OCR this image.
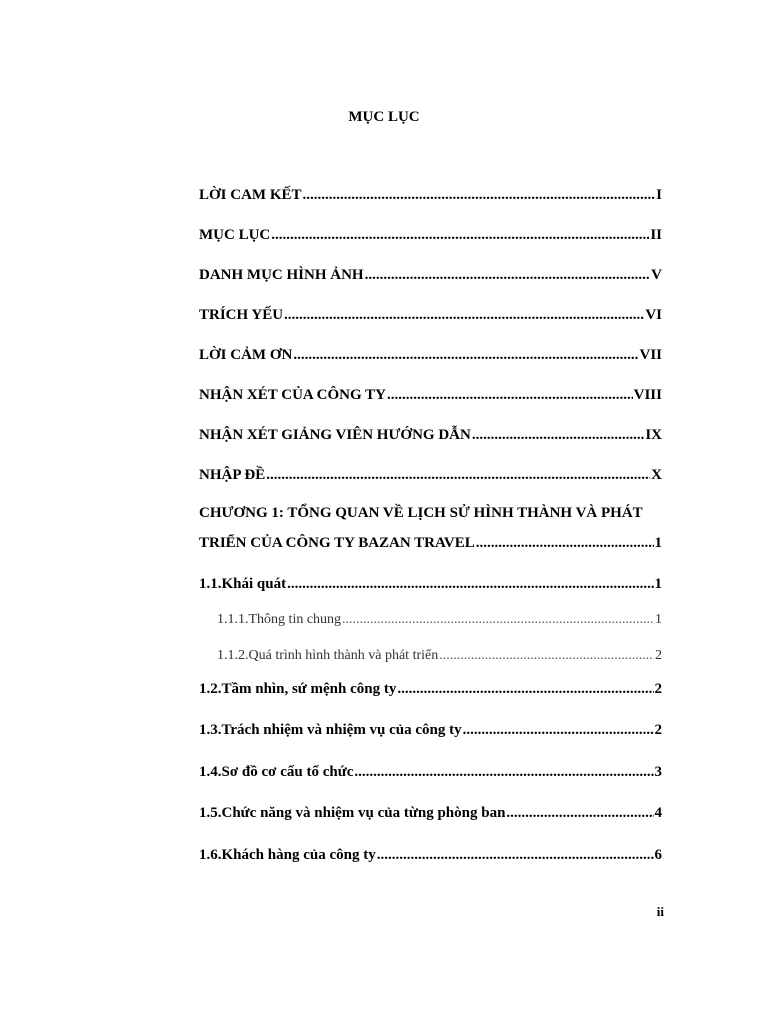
MỤC LỤC
LỜI CAM KẾT .....	I
MỤC LỤC .....	II
DANH MỤC HÌNH ẢNH .....	V
TRÍCH YẾU .....	VI
LỜI CẢM ƠN .....	VII
NHẬN XÉT CỦA CÔNG TY .....	VIII
NHẬN XÉT GIẢNG VIÊN HƯỚNG DẪN .....	IX
NHẬP ĐỀ .....	X
CHƯƠNG 1: TỔNG QUAN VỀ LỊCH SỬ HÌNH THÀNH VÀ PHÁT
TRIỂN CỦA CÔNG TY BAZAN TRAVEL .....	1
1.1.Khái quát .....	1
1.1.1.Thông tin chung .....	1
1.1.2.Quá trình hình thành và phát triển .....	2
1.2.Tầm nhìn, sứ mệnh công ty .....	2
1.3.Trách nhiệm và nhiệm vụ của công ty .....	2
1.4.Sơ đồ cơ cấu tổ chức .....	3
1.5.Chức năng và nhiệm vụ của từng phòng ban .....	4
1.6.Khách hàng của công ty .....	6
ii
